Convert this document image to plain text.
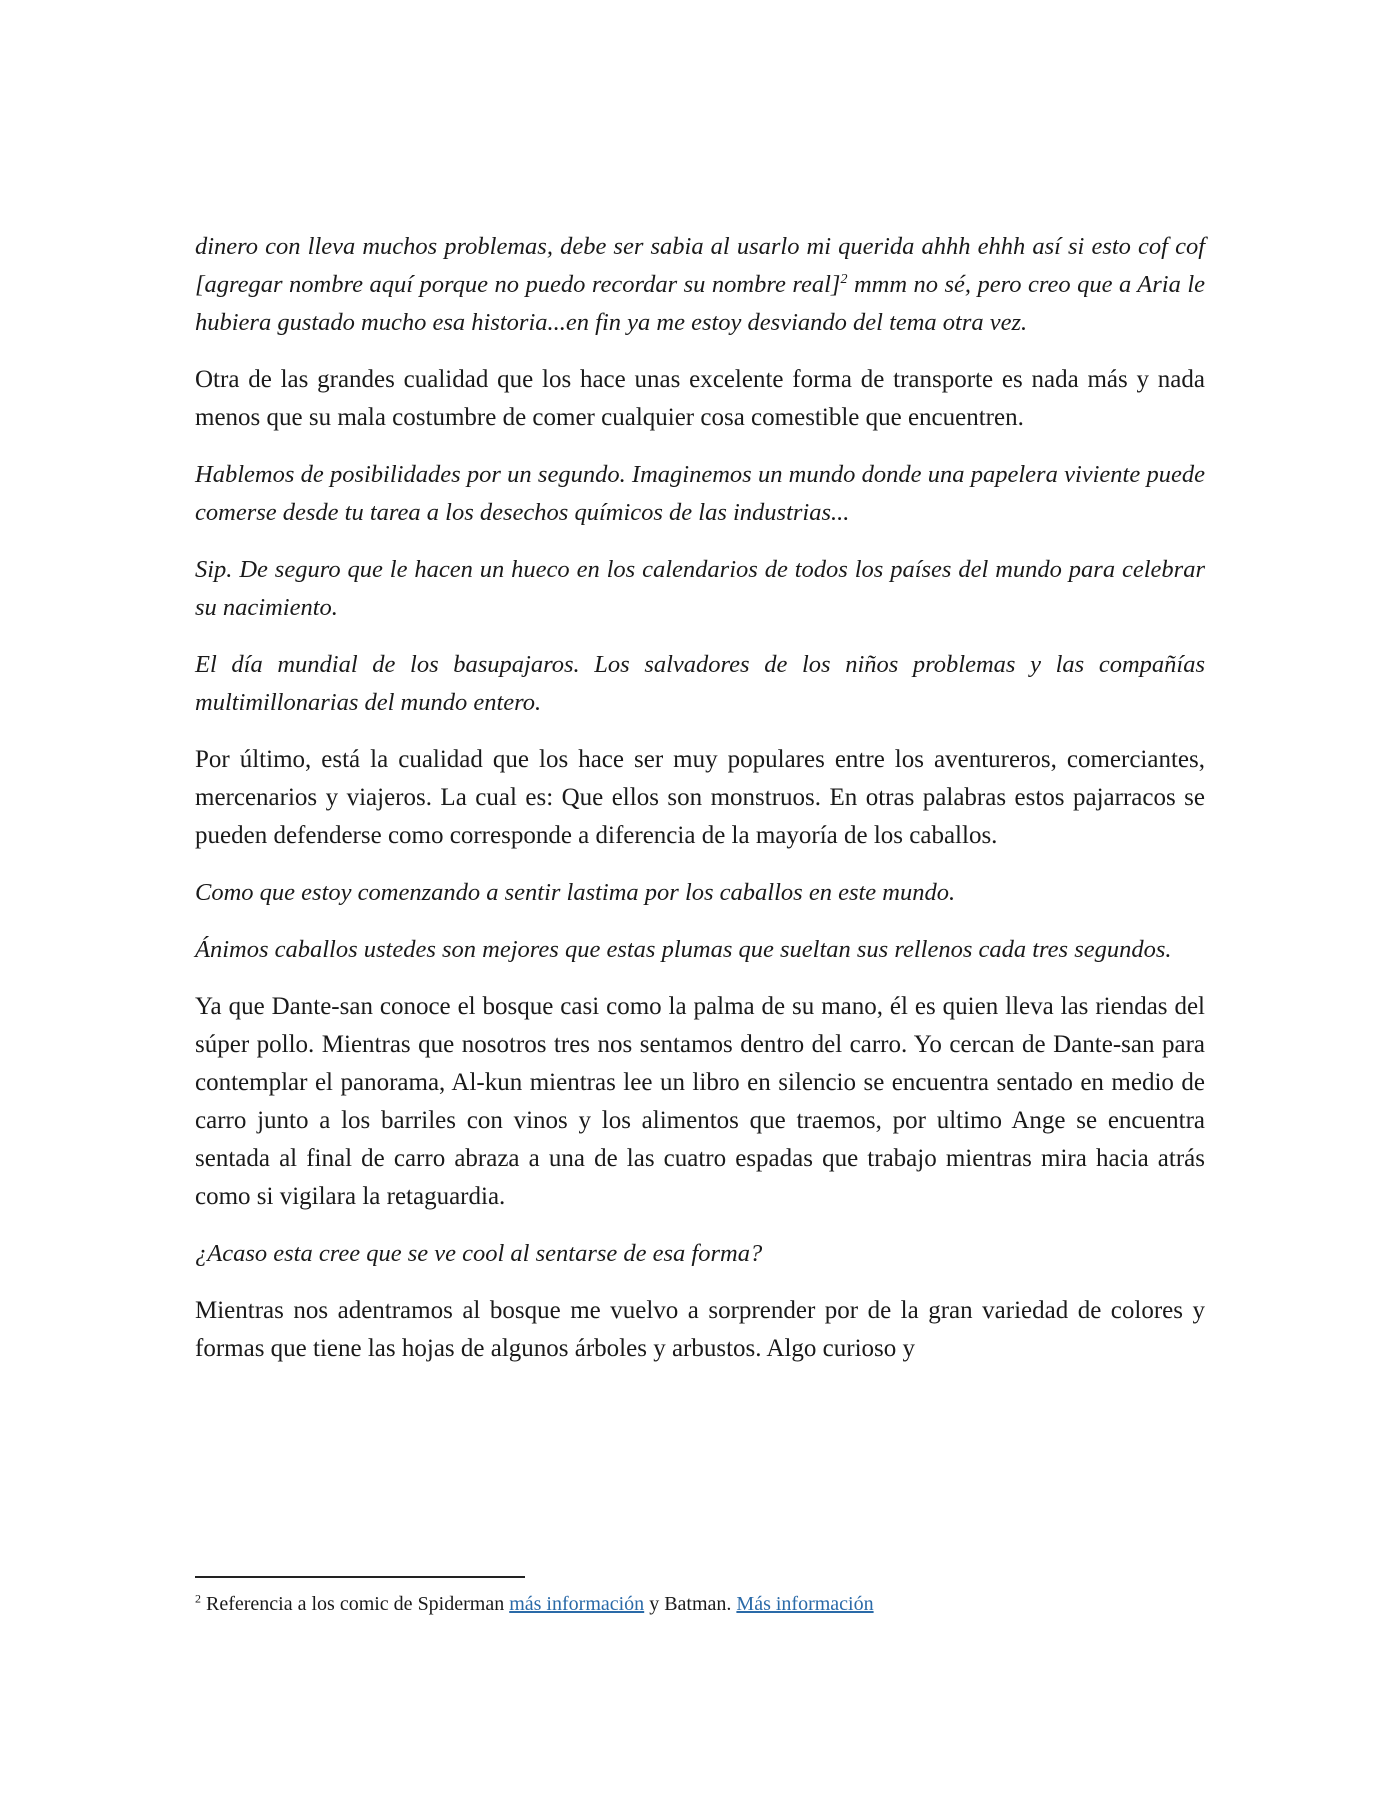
dinero con lleva muchos problemas, debe ser sabia al usarlo mi querida ahhh ehhh así si esto cof cof [agregar nombre aquí porque no puedo recordar su nombre real]$^2$ mmm no sé, pero creo que a Aria le hubiera gustado mucho esa historia...en fin ya me estoy desviando del tema otra vez.

Otra de las grandes cualidad que los hace unas excelente forma de transporte es nada más y nada menos que su mala costumbre de comer cualquier cosa comestible que encuentren.

Hablemos de posibilidades por un segundo. Imaginemos un mundo donde una papelera viviente puede comerse desde tu tarea a los desechos químicos de las industrias...

Sip. De seguro que le hacen un hueco en los calendarios de todos los países del mundo para celebrar su nacimiento.

El día mundial de los basupajaros. Los salvadores de los niños problemas y las compañías multimillonarias del mundo entero.

Por último, está la cualidad que los hace ser muy populares entre los aventureros, comerciantes, mercenarios y viajeros. La cual es: Que ellos son monstruos. En otras palabras estos pajarracos se pueden defenderse como corresponde a diferencia de la mayoría de los caballos.

Como que estoy comenzando a sentir lastima por los caballos en este mundo.

Ánimos caballos ustedes son mejores que estas plumas que sueltan sus rellenos cada tres segundos.

Ya que Dante-san conoce el bosque casi como la palma de su mano, él es quien lleva las riendas del súper pollo. Mientras que nosotros tres nos sentamos dentro del carro. Yo cercan de Dante-san para contemplar el panorama, Al-kun mientras lee un libro en silencio se encuentra sentado en medio de carro junto a los barriles con vinos y los alimentos que traemos, por ultimo Ange se encuentra sentada al final de carro abraza a una de las cuatro espadas que trabajo mientras mira hacia atrás como si vigilara la retaguardia.

¿Acaso esta cree que se ve cool al sentarse de esa forma?

Mientras nos adentramos al bosque me vuelvo a sorprender por de la gran variedad de colores y formas que tiene las hojas de algunos árboles y arbustos. Algo curioso y

$^2$ Referencia a los comic de Spiderman más información y Batman. Más información
